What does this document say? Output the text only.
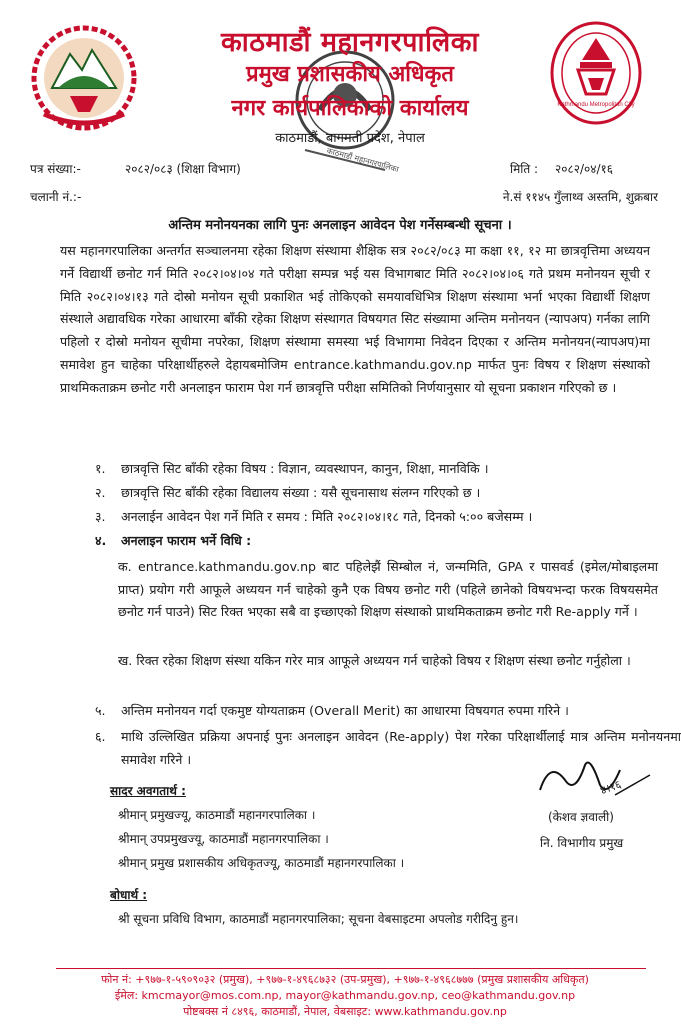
Kathmandu Metropolitan City
काठमाडौं महानगरपालिका
काठमाडौं महानगरपालिका
प्रमुख प्रशासकीय अधिकृत
नगर कार्यपालिकाको कार्यालय
काठमाडौं, बागमती प्रदेश, नेपाल
पत्र संख्या:-	२०८२/०८३ (शिक्षा विभाग)
चलानी नं.:-
मिति : २०८२/०४/१६
ने.सं ११४५ गुँलाथ्व अस्तमि, शुक्रबार
अन्तिम मनोनयनका लागि पुनः अनलाइन आवेदन पेश गर्नेसम्बन्धी सूचना ।
यस महानगरपालिका अन्तर्गत सञ्चालनमा रहेका शिक्षण संस्थामा शैक्षिक सत्र २०८२/०८३ मा कक्षा ११, १२ मा छात्रवृत्तिमा अध्ययन गर्ने विद्यार्थी छनोट गर्न मिति २०८२।०४।०४ गते परीक्षा सम्पन्न भई यस विभागबाट मिति २०८२।०४।०६ गते प्रथम मनोनयन सूची र मिति २०८२।०४।१३ गते दोस्रो मनोयन सूची प्रकाशित भई तोकिएको समयावधिभित्र शिक्षण संस्थामा भर्ना भएका विद्यार्थी शिक्षण संस्थाले अद्यावधिक गरेका आधारमा बाँकी रहेका शिक्षण संस्थागत विषयगत सिट संख्यामा अन्तिम मनोनयन (न्यापअप) गर्नका लागि पहिलो र दोस्रो मनोयन सूचीमा नपरेका, शिक्षण संस्थामा समस्या भई विभागमा निवेदन दिएका र अन्तिम मनोनयन(न्यापअप)मा समावेश हुन चाहेका परिक्षार्थीहरुले देहायबमोजिम entrance.kathmandu.gov.np मार्फत पुनः विषय र शिक्षण संस्थाको प्राथमिकताक्रम छनोट गरी अनलाइन फाराम पेश गर्न छात्रवृत्ति परीक्षा समितिको निर्णयानुसार यो सूचना प्रकाशन गरिएको छ ।
१. छात्रवृत्ति सिट बाँकी रहेका विषय : विज्ञान, व्यवस्थापन, कानुन, शिक्षा, मानविकि ।
२. छात्रवृत्ति सिट बाँकी रहेका विद्यालय संख्या : यसै सूचनासाथ संलग्न गरिएको छ ।
३. अनलाईन आवेदन पेश गर्ने मिति र समय : मिति २०८२।०४।१८ गते, दिनको ५:०० बजेसम्म ।
४. अनलाइन फाराम भर्ने विधि :
क. entrance.kathmandu.gov.np बाट पहिलेझैं सिम्बोल नं, जन्ममिति, GPA र पासवर्ड (इमेल/मोबाइलमा प्राप्त) प्रयोग गरी आफूले अध्ययन गर्न चाहेको कुनै एक विषय छनोट गरी (पहिले छानेको विषयभन्दा फरक विषयसमेत छनोट गर्न पाउने) सिट रिक्त भएका सबै वा इच्छाएको शिक्षण संस्थाको प्राथमिकताक्रम छनोट गरी Re-apply गर्ने ।
ख. रिक्त रहेका शिक्षण संस्था यकिन गरेर मात्र आफूले अध्ययन गर्न चाहेको विषय र शिक्षण संस्था छनोट गर्नुहोला ।
५. अन्तिम मनोनयन गर्दा एकमुष्ट योग्यताक्रम (Overall Merit) का आधारमा विषयगत रुपमा गरिने ।
६. माथि उल्लिखित प्रक्रिया अपनाई पुनः अनलाइन आवेदन (Re-apply) पेश गरेका परिक्षार्थीलाई मात्र अन्तिम मनोनयनमा समावेश गरिने ।
४।१६
(केशव ज्ञवाली)
नि. विभागीय प्रमुख
सादर अवगतार्थ :
श्रीमान् प्रमुखज्यू, काठमाडौं महानगरपालिका ।
श्रीमान् उपप्रमुखज्यू, काठमाडौं महानगरपालिका ।
श्रीमान् प्रमुख प्रशासकीय अधिकृतज्यू, काठमाडौं महानगरपालिका ।
बोधार्थ :
श्री सूचना प्रविधि विभाग, काठमाडौं महानगरपालिका; सूचना वेबसाइटमा अपलोड गरीदिनु हुन।
फोन नं: +९७७-१-५९०९०३२ (प्रमुख), +९७७-१-४९६८७३२ (उप-प्रमुख), +९७७-१-४९६८७७७ (प्रमुख प्रशासकीय अधिकृत)
ईमेल: kmcmayor@mos.com.np, mayor@kathmandu.gov.np, ceo@kathmandu.gov.np
पोष्टबक्स नं ८४९६, काठमाडौं, नेपाल, वेबसाइट: www.kathmandu.gov.np
